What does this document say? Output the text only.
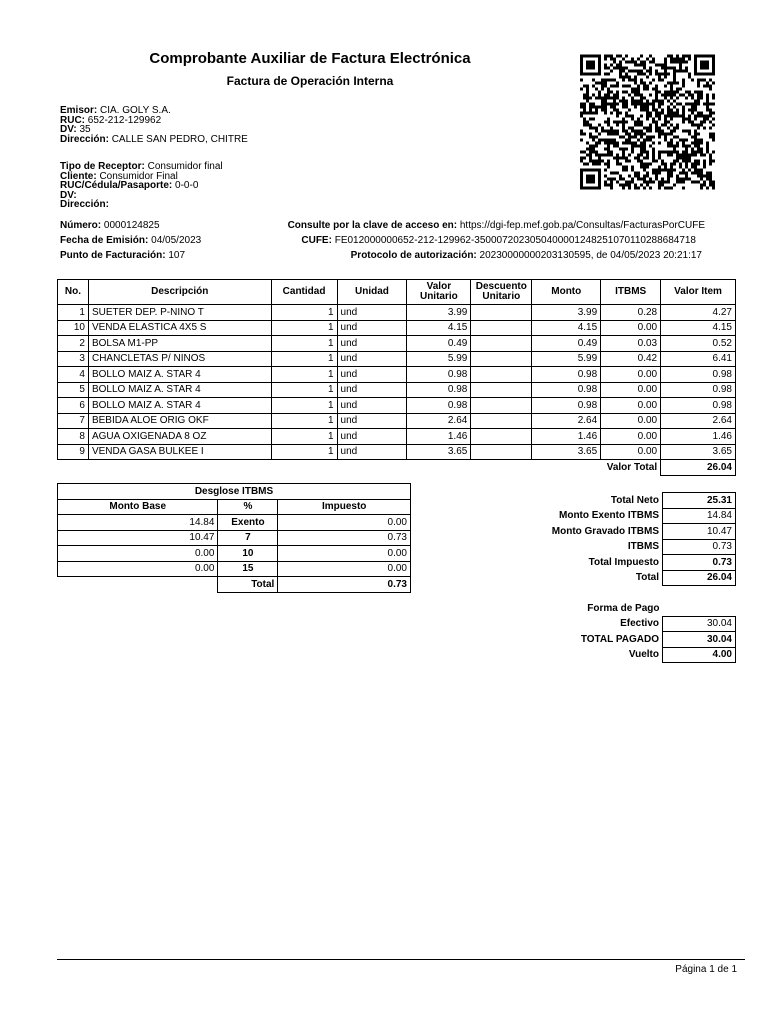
Comprobante Auxiliar de Factura Electrónica
Factura de Operación Interna
Emisor: CIA. GOLY S.A.
RUC: 652-212-129962
DV: 35
Dirección: CALLE SAN PEDRO, CHITRE
Tipo de Receptor: Consumidor final
Cliente: Consumidor Final
RUC/Cédula/Pasaporte: 0-0-0
DV:
Dirección:
Número: 0000124825
Fecha de Emisión: 04/05/2023
Punto de Facturación: 107
Consulte por la clave de acceso en: https://dgi-fep.mef.gob.pa/Consultas/FacturasPorCUFE
CUFE: FE012000000652-212-129962-3500072023050400001248251070110288684718
Protocolo de autorización: 20230000000203130595, de 04/05/2023 20:21:17
No.	Descripción	Cantidad	Unidad	Valor Unitario	Descuento Unitario	Monto	ITBMS	Valor Item
1	SUETER DEP. P-NINO T	1	und	3.99		3.99	0.28	4.27
10	VENDA ELASTICA 4X5 S	1	und	4.15		4.15	0.00	4.15
2	BOLSA M1-PP	1	und	0.49		0.49	0.03	0.52
3	CHANCLETAS P/ NINOS	1	und	5.99		5.99	0.42	6.41
4	BOLLO MAIZ A. STAR 4	1	und	0.98		0.98	0.00	0.98
5	BOLLO MAIZ A. STAR 4	1	und	0.98		0.98	0.00	0.98
6	BOLLO MAIZ A. STAR 4	1	und	0.98		0.98	0.00	0.98
7	BEBIDA ALOE ORIG OKF	1	und	2.64		2.64	0.00	2.64
8	AGUA OXIGENADA 8 OZ	1	und	1.46		1.46	0.00	1.46
9	VENDA GASA BULKEE I	1	und	3.65		3.65	0.00	3.65
							Valor Total	26.04
Desglose ITBMS		
Monto Base	%	Impuesto
14.84	Exento	0.00
10.47	7	0.73
0.00	10	0.00
0.00	15	0.00
	Total	0.73
Total Neto	25.31
Monto Exento ITBMS	14.84
Monto Gravado ITBMS	10.47
ITBMS	0.73
Total Impuesto	0.73
Total	26.04
Forma de Pago	
Efectivo	30.04
TOTAL PAGADO	30.04
Vuelto	4.00
Página 1 de 1
